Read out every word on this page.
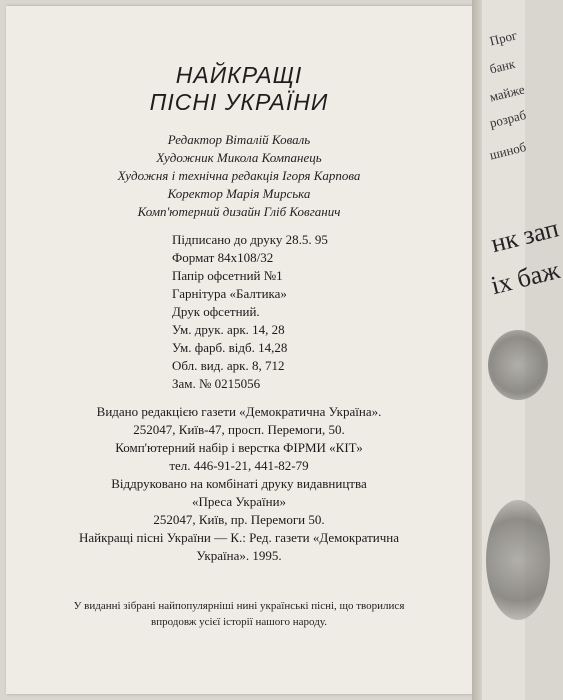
НАЙКРАЩІ
ПІСНІ УКРАЇНИ
Редактор Віталій Коваль
Художник Микола Компанець
Художня і технічна редакція Ігоря Карпова
Коректор Марія Мирська
Комп'ютерний дизайн Гліб Ковганич
Підписано до друку 28.5. 95
Формат 84х108/32
Папір офсетний №1
Гарнітура «Балтика»
Друк офсетний.
Ум. друк. арк. 14, 28
Ум. фарб. відб. 14,28
Обл. вид. арк. 8, 712
Зам. № 0215056
Видано редакцією газети «Демократична Україна».
252047, Київ-47, просп. Перемоги, 50.
Комп'ютерний набір і верстка ФІРМИ «КІТ»
тел. 446-91-21, 441-82-79
Віддруковано на комбінаті друку видавництва
«Преса України»
252047, Київ, пр. Перемоги 50.
Найкращі пісні України — К.: Ред. газети «Демократична
Україна». 1995.
У виданні зібрані найпопулярніші нині українські пісні, що творилися
впродовж усієї історії нашого народу.
Прог
банк
майже
розраб
шиноб
нк зап
іх баж
